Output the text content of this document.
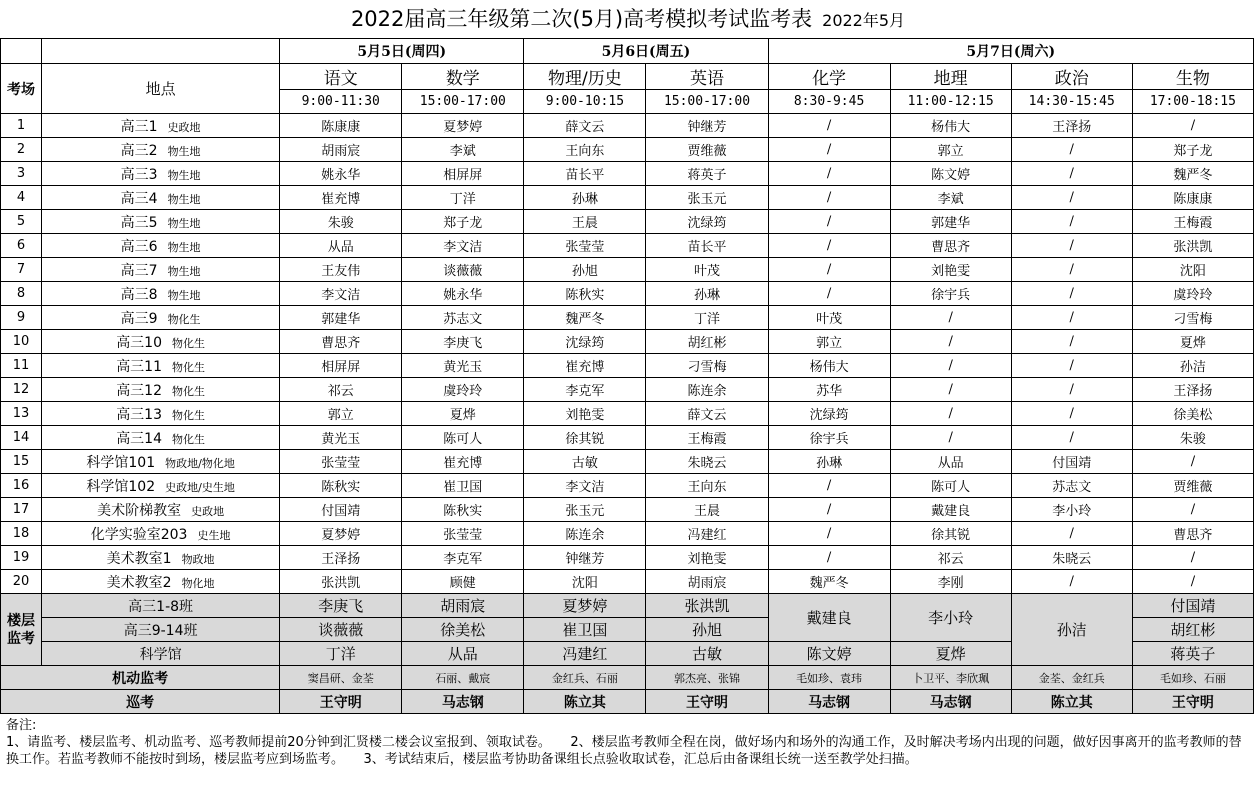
2022届高三年级第二次(5月)高考模拟考试监考表 2022年5月
		5月5日(周四)		5月6日(周五)		5月7日(周六)			
考场	地点	语文	数学	物理/历史	英语	化学	地理	政治	生物
		9:00-11:30	15:00-17:00	9:00-10:15	15:00-17:00	8:30-9:45	11:00-12:15	14:30-15:45	17:00-18:15
1	高三1 史政地	陈康康	夏梦婷	薛文云	钟继芳	/	杨伟大	王泽扬	/
2	高三2 物生地	胡雨宸	李斌	王向东	贾维薇	/	郭立	/	郑子龙
3	高三3 物生地	姚永华	相屏屏	苗长平	蒋英子	/	陈文婷	/	魏严冬
4	高三4 物生地	崔充博	丁洋	孙琳	张玉元	/	李斌	/	陈康康
5	高三5 物生地	朱骏	郑子龙	王晨	沈绿筠	/	郭建华	/	王梅霞
6	高三6 物生地	从品	李文洁	张莹莹	苗长平	/	曹思齐	/	张洪凯
7	高三7 物生地	王友伟	谈薇薇	孙旭	叶茂	/	刘艳雯	/	沈阳
8	高三8 物生地	李文洁	姚永华	陈秋实	孙琳	/	徐宇兵	/	虞玲玲
9	高三9 物化生	郭建华	苏志文	魏严冬	丁洋	叶茂	/	/	刁雪梅
10	高三10 物化生	曹思齐	李庚飞	沈绿筠	胡红彬	郭立	/	/	夏烨
11	高三11 物化生	相屏屏	黄光玉	崔充博	刁雪梅	杨伟大	/	/	孙洁
12	高三12 物化生	祁云	虞玲玲	李克军	陈连余	苏华	/	/	王泽扬
13	高三13 物化生	郭立	夏烨	刘艳雯	薛文云	沈绿筠	/	/	徐美松
14	高三14 物化生	黄光玉	陈可人	徐其锐	王梅霞	徐宇兵	/	/	朱骏
15	科学馆101 物政地/物化地	张莹莹	崔充博	古敏	朱晓云	孙琳	从品	付国靖	/
16	科学馆102 史政地/史生地	陈秋实	崔卫国	李文洁	王向东	/	陈可人	苏志文	贾维薇
17	美术阶梯教室 史政地	付国靖	陈秋实	张玉元	王晨	/	戴建良	李小玲	/
18	化学实验室203 史生地	夏梦婷	张莹莹	陈连余	冯建红	/	徐其锐	/	曹思齐
19	美术教室1 物政地	王泽扬	李克军	钟继芳	刘艳雯	/	祁云	朱晓云	/
20	美术教室2 物化地	张洪凯	顾健	沈阳	胡雨宸	魏严冬	李刚	/	/
楼层监考	高三1-8班	李庚飞	胡雨宸	夏梦婷	张洪凯	戴建良	李小玲	孙洁	付国靖
	高三9-14班	谈薇薇	徐美松	崔卫国	孙旭				胡红彬
	科学馆	丁洋	从品	冯建红	古敏	陈文婷	夏烨		蒋英子
机动监考		窦昌研、金荃	石丽、戴宸	金红兵、石丽	郭杰亮、张锦	毛如珍、袁玮	卜卫平、李欣珮	金荃、金红兵	毛如珍、石丽
巡考		王守明	马志钢	陈立其	王守明	马志钢	马志钢	陈立其	王守明

备注:

1、请监考、楼层监考、机动监考、巡考教师提前20分钟到汇贤楼二楼会议室报到、领取试卷。　　2、楼层监考教师全程在岗，做好场内和场外的沟通工作，及时解决考场内出现的问题，做好因事离开的监考教师的替换工作。若监考教师不能按时到场，楼层监考应到场监考。　　3、考试结束后，楼层监考协助备课组长点验收取试卷，汇总后由备课组长统一送至教学处扫描。
